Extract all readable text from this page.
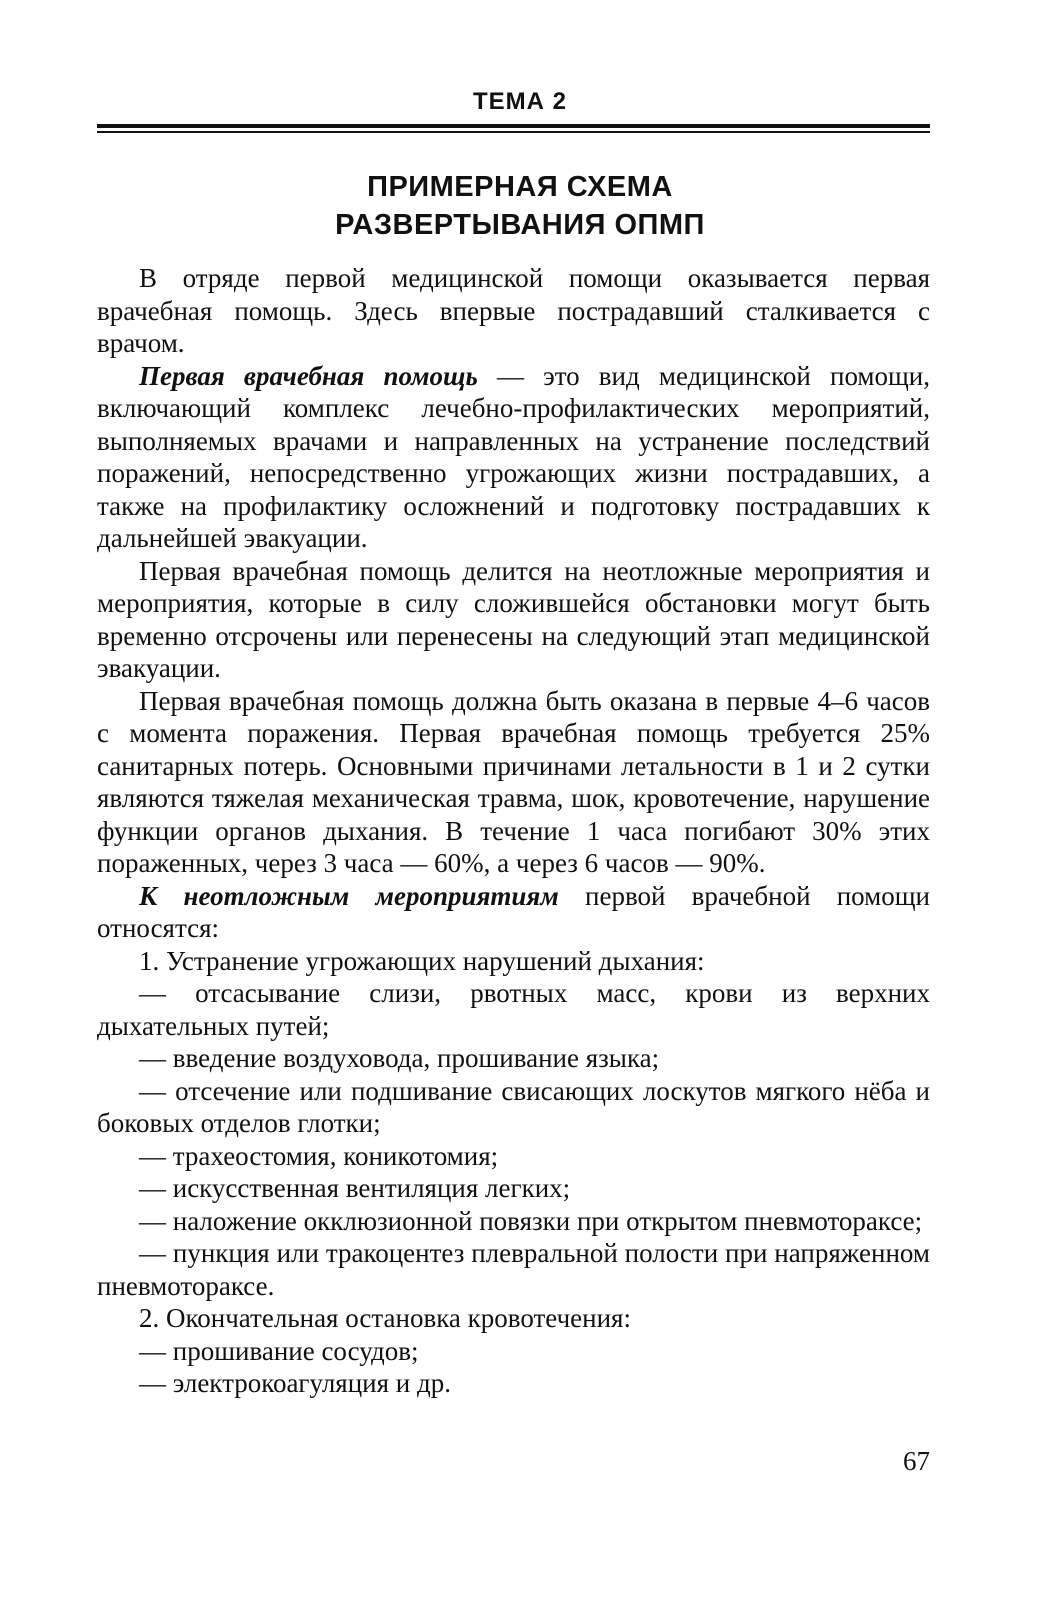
ТЕМА 2
ПРИМЕРНАЯ СХЕМА
РАЗВЕРТЫВАНИЯ ОПМП

В отряде первой медицинской помощи оказывается первая врачебная помощь. Здесь впервые пострадавший сталкивается с врачом.

Первая врачебная помощь — это вид медицинской помощи, включающий комплекс лечебно-профилактических мероприятий, выполняемых врачами и направленных на устранение последствий поражений, непосредственно угрожающих жизни пострадавших, а также на профилактику осложнений и подготовку пострадавших к дальнейшей эвакуации.

Первая врачебная помощь делится на неотложные мероприятия и мероприятия, которые в силу сложившейся обстановки могут быть временно отсрочены или перенесены на следующий этап медицинской эвакуации.

Первая врачебная помощь должна быть оказана в первые 4–6 часов с момента поражения. Первая врачебная помощь требуется 25% санитарных потерь. Основными причинами летальности в 1 и 2 сутки являются тяжелая механическая травма, шок, кровотечение, нарушение функции органов дыхания. В течение 1 часа погибают 30% этих пораженных, через 3 часа — 60%, а через 6 часов — 90%.

К неотложным мероприятиям первой врачебной помощи относятся:

1. Устранение угрожающих нарушений дыхания:

— отсасывание слизи, рвотных масс, крови из верхних дыхательных путей;

— введение воздуховода, прошивание языка;

— отсечение или подшивание свисающих лоскутов мягкого нёба и боковых отделов глотки;

— трахеостомия, коникотомия;

— искусственная вентиляция легких;

— наложение окклюзионной повязки при открытом пневмотораксе;

— пункция или тракоцентез плевральной полости при напряженном пневмотораксе.

2. Окончательная остановка кровотечения:

— прошивание сосудов;

— электрокоагуляция и др.

67
